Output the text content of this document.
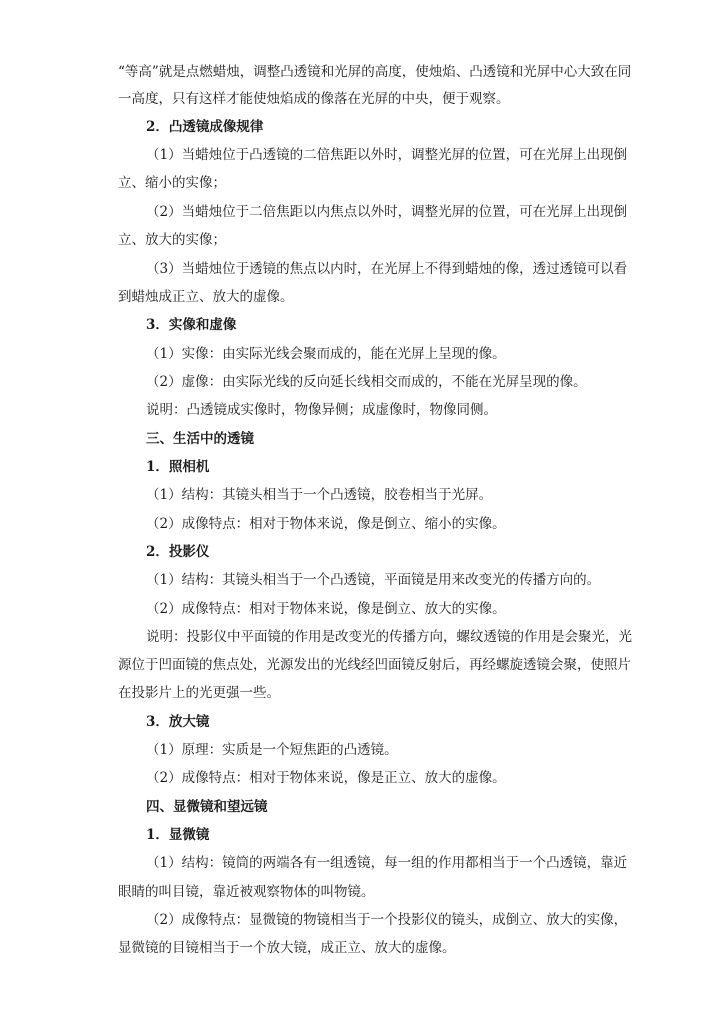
“等高”就是点燃蜡烛，调整凸透镜和光屏的高度，使烛焰、凸透镜和光屏中心大致在同
一高度，只有这样才能使烛焰成的像落在光屏的中央，便于观察。
2．凸透镜成像规律
（1）当蜡烛位于凸透镜的二倍焦距以外时，调整光屏的位置，可在光屏上出现倒
立、缩小的实像；
（2）当蜡烛位于二倍焦距以内焦点以外时，调整光屏的位置，可在光屏上出现倒
立、放大的实像；
（3）当蜡烛位于透镜的焦点以内时，在光屏上不得到蜡烛的像，透过透镜可以看
到蜡烛成正立、放大的虚像。
3．实像和虚像
（1）实像：由实际光线会聚而成的，能在光屏上呈现的像。
（2）虚像：由实际光线的反向延长线相交而成的，不能在光屏呈现的像。
说明：凸透镜成实像时，物像异侧；成虚像时，物像同侧。
三、生活中的透镜
1．照相机
（1）结构：其镜头相当于一个凸透镜，胶卷相当于光屏。
（2）成像特点：相对于物体来说，像是倒立、缩小的实像。
2．投影仪
（1）结构：其镜头相当于一个凸透镜，平面镜是用来改变光的传播方向的。
（2）成像特点：相对于物体来说，像是倒立、放大的实像。
说明：投影仪中平面镜的作用是改变光的传播方向，螺纹透镜的作用是会聚光，光
源位于凹面镜的焦点处，光源发出的光线经凹面镜反射后，再经螺旋透镜会聚，使照片
在投影片上的光更强一些。
3．放大镜
（1）原理：实质是一个短焦距的凸透镜。
（2）成像特点：相对于物体来说，像是正立、放大的虚像。
四、显微镜和望远镜
1．显微镜
（1）结构：镜筒的两端各有一组透镜，每一组的作用都相当于一个凸透镜，靠近
眼睛的叫目镜，靠近被观察物体的叫物镜。
（2）成像特点：显微镜的物镜相当于一个投影仪的镜头，成倒立、放大的实像，
显微镜的目镜相当于一个放大镜，成正立、放大的虚像。
